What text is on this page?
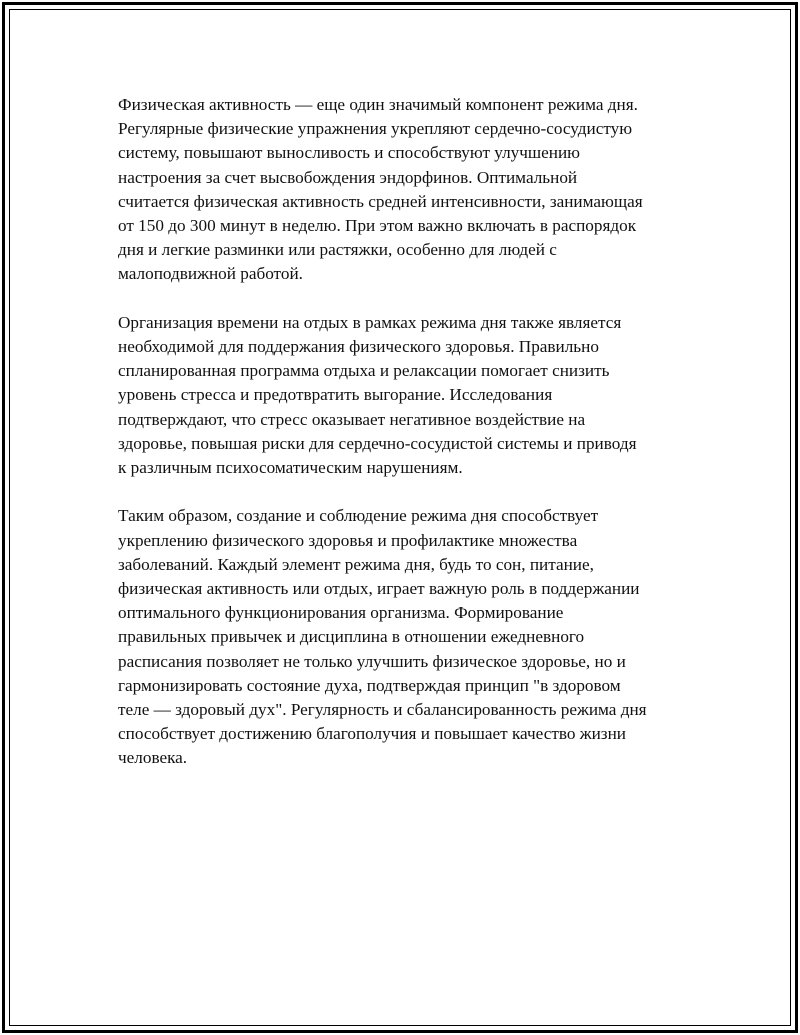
Физическая активность — еще один значимый компонент режима дня.
Регулярные физические упражнения укрепляют сердечно-сосудистую
систему, повышают выносливость и способствуют улучшению
настроения за счет высвобождения эндорфинов. Оптимальной
считается физическая активность средней интенсивности, занимающая
от 150 до 300 минут в неделю. При этом важно включать в распорядок
дня и легкие разминки или растяжки, особенно для людей с
малоподвижной работой.

Организация времени на отдых в рамках режима дня также является
необходимой для поддержания физического здоровья. Правильно
спланированная программа отдыха и релаксации помогает снизить
уровень стресса и предотвратить выгорание. Исследования
подтверждают, что стресс оказывает негативное воздействие на
здоровье, повышая риски для сердечно-сосудистой системы и приводя
к различным психосоматическим нарушениям.

Таким образом, создание и соблюдение режима дня способствует
укреплению физического здоровья и профилактике множества
заболеваний. Каждый элемент режима дня, будь то сон, питание,
физическая активность или отдых, играет важную роль в поддержании
оптимального функционирования организма. Формирование
правильных привычек и дисциплина в отношении ежедневного
расписания позволяет не только улучшить физическое здоровье, но и
гармонизировать состояние духа, подтверждая принцип "в здоровом
теле — здоровый дух". Регулярность и сбалансированность режима дня
способствует достижению благополучия и повышает качество жизни
человека.
